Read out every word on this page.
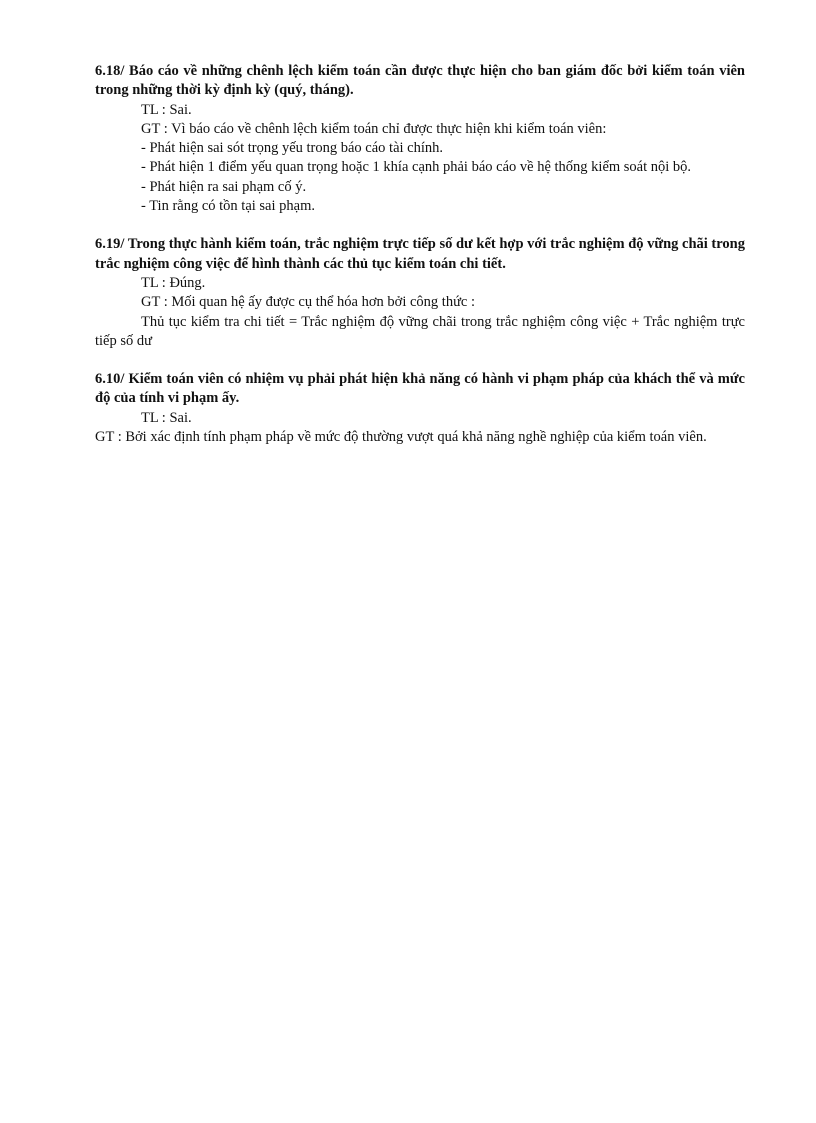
6.18/ Báo cáo về những chênh lệch kiểm toán cần được thực hiện cho ban giám đốc bởi kiểm toán viên trong những thời kỳ định kỳ (quý, tháng).

TL : Sai.

GT : Vì báo cáo về chênh lệch kiểm toán chỉ được thực hiện khi kiểm toán viên:

- Phát hiện sai sót trọng yếu trong báo cáo tài chính.

- Phát hiện 1 điểm yếu quan trọng hoặc 1 khía cạnh phải báo cáo về hệ thống kiểm soát nội bộ.

- Phát hiện ra sai phạm cố ý.

- Tin rằng có tồn tại sai phạm.

6.19/ Trong thực hành kiểm toán, trắc nghiệm trực tiếp số dư kết hợp với trắc nghiệm độ vững chãi trong trắc nghiệm công việc để hình thành các thủ tục kiểm toán chi tiết.

TL : Đúng.

GT : Mối quan hệ ấy được cụ thể hóa hơn bởi công thức :

Thủ tục kiểm tra chi tiết = Trắc nghiệm độ vững chãi trong trắc nghiệm công việc + Trắc nghiệm trực tiếp số dư

6.10/ Kiểm toán viên có nhiệm vụ phải phát hiện khả năng có hành vi phạm pháp của khách thể và mức độ của tính vi phạm ấy.

TL : Sai.

GT : Bởi xác định tính phạm pháp về mức độ thường vượt quá khả năng nghề nghiệp của kiểm toán viên.
